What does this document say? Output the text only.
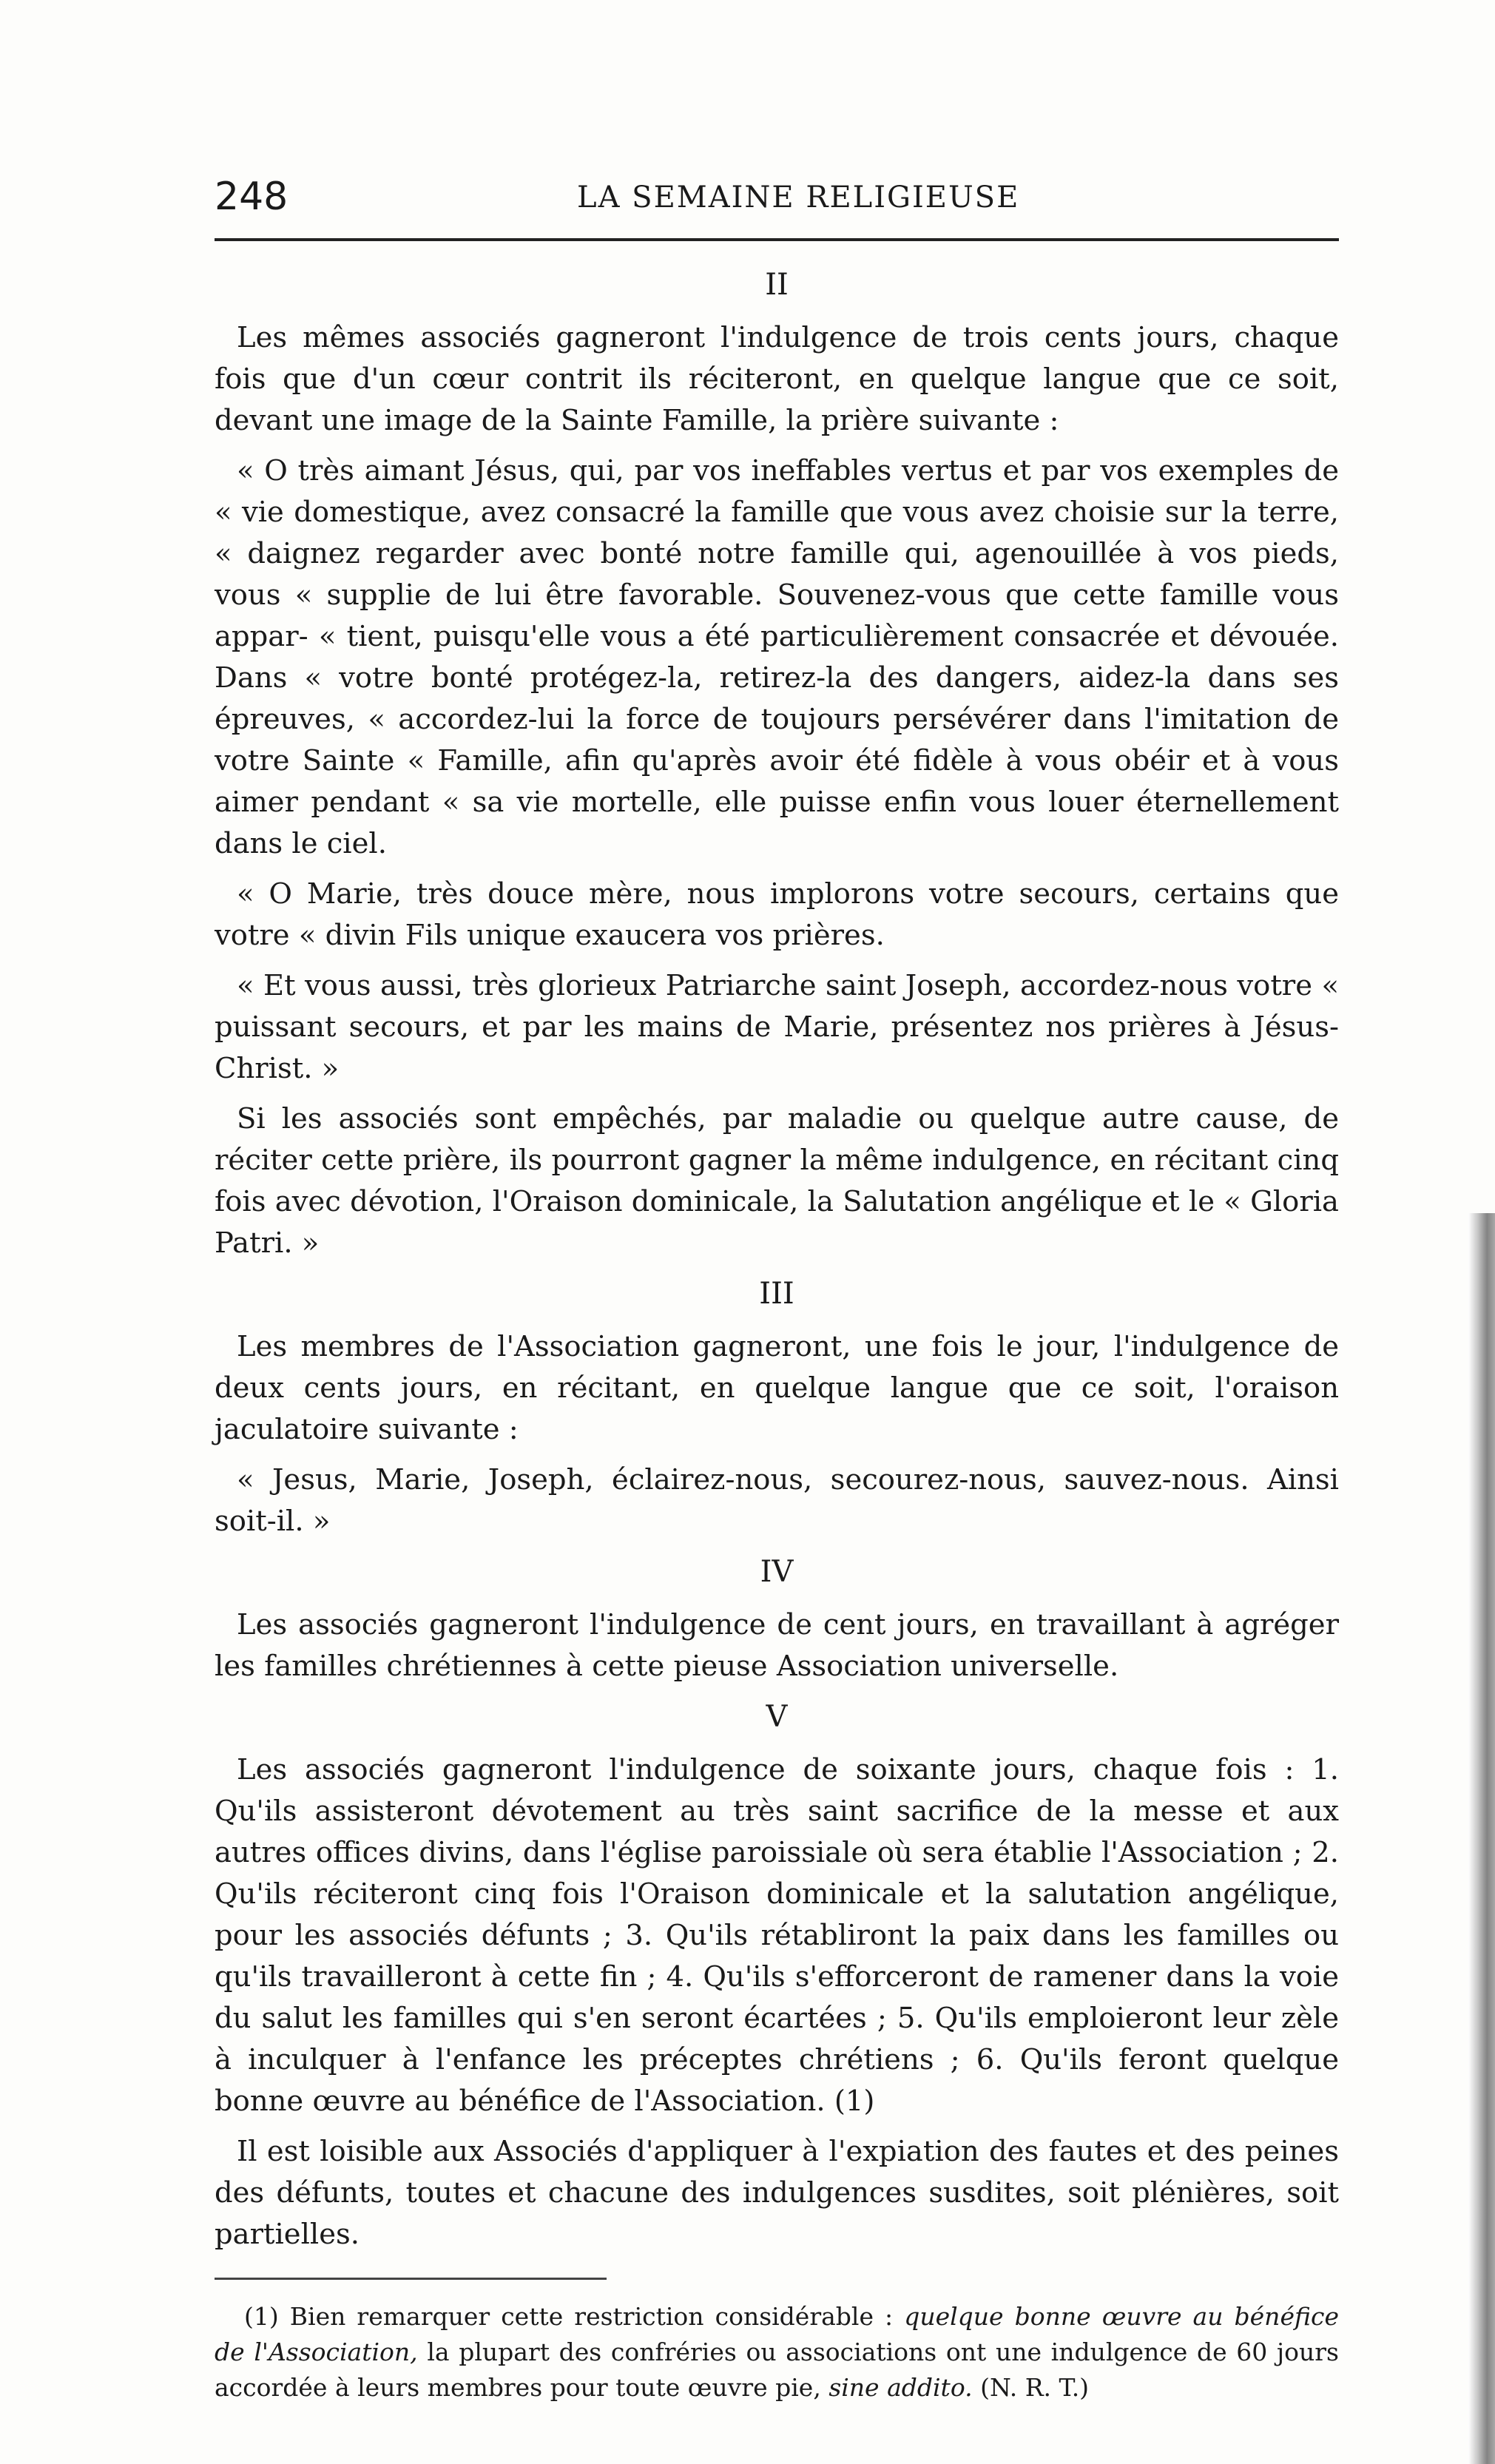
248	LA SEMAINE RELIGIEUSE
II

Les mêmes associés gagneront l'indulgence de trois cents jours, chaque fois que d'un cœur contrit ils réciteront, en quelque langue que ce soit, devant une image de la Sainte Famille, la prière suivante :

« O très aimant Jésus, qui, par vos ineffables vertus et par vos exemples de « vie domestique, avez consacré la famille que vous avez choisie sur la terre, « daignez regarder avec bonté notre famille qui, agenouillée à vos pieds, vous « supplie de lui être favorable. Souvenez-vous que cette famille vous appar- « tient, puisqu'elle vous a été particulièrement consacrée et dévouée. Dans « votre bonté protégez-la, retirez-la des dangers, aidez-la dans ses épreuves, « accordez-lui la force de toujours persévérer dans l'imitation de votre Sainte « Famille, afin qu'après avoir été fidèle à vous obéir et à vous aimer pendant « sa vie mortelle, elle puisse enfin vous louer éternellement dans le ciel.

« O Marie, très douce mère, nous implorons votre secours, certains que votre « divin Fils unique exaucera vos prières.

« Et vous aussi, très glorieux Patriarche saint Joseph, accordez-nous votre « puissant secours, et par les mains de Marie, présentez nos prières à Jésus-Christ. »

Si les associés sont empêchés, par maladie ou quelque autre cause, de réciter cette prière, ils pourront gagner la même indulgence, en récitant cinq fois avec dévotion, l'Oraison dominicale, la Salutation angélique et le « Gloria Patri. »

III

Les membres de l'Association gagneront, une fois le jour, l'indulgence de deux cents jours, en récitant, en quelque langue que ce soit, l'oraison jaculatoire suivante :

« Jesus, Marie, Joseph, éclairez-nous, secourez-nous, sauvez-nous. Ainsi soit-il. »

IV

Les associés gagneront l'indulgence de cent jours, en travaillant à agréger les familles chrétiennes à cette pieuse Association universelle.

V

Les associés gagneront l'indulgence de soixante jours, chaque fois : 1. Qu'ils assisteront dévotement au très saint sacrifice de la messe et aux autres offices divins, dans l'église paroissiale où sera établie l'Association ; 2. Qu'ils réciteront cinq fois l'Oraison dominicale et la salutation angélique, pour les associés défunts ; 3. Qu'ils rétabliront la paix dans les familles ou qu'ils travailleront à cette fin ; 4. Qu'ils s'efforceront de ramener dans la voie du salut les familles qui s'en seront écartées ; 5. Qu'ils emploieront leur zèle à inculquer à l'enfance les préceptes chrétiens ; 6. Qu'ils feront quelque bonne œuvre au bénéfice de l'Association. (1)

Il est loisible aux Associés d'appliquer à l'expiation des fautes et des peines des défunts, toutes et chacune des indulgences susdites, soit plénières, soit partielles.

(1) Bien remarquer cette restriction considérable : quelque bonne œuvre au bénéfice de l'Association, la plupart des confréries ou associations ont une indulgence de 60 jours accordée à leurs membres pour toute œuvre pie, sine addito. (N. R. T.)
